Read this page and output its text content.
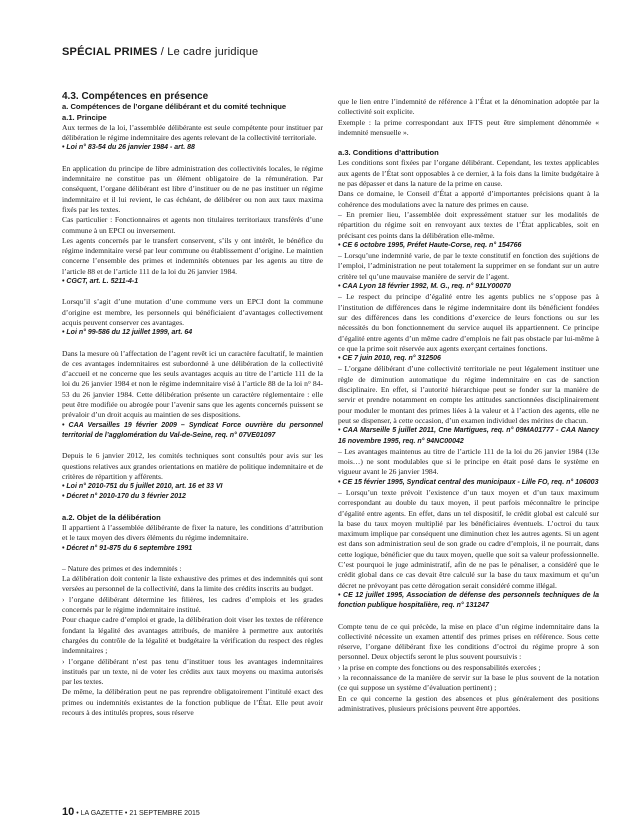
SPÉCIAL PRIMES / Le cadre juridique

4.3. Compétences en présence

a. Compétences de l’organe délibérant et du comité technique

a.1. Principe

Aux termes de la loi, l’assemblée délibérante est seule compétente pour instituer par délibération le régime indemnitaire des agents relevant de la collectivité territoriale.

• Loi n° 83-54 du 26 janvier 1984 - art. 88

En application du principe de libre administration des collectivités locales, le régime indemnitaire ne constitue pas un élément obligatoire de la rémunération. Par conséquent, l’organe délibérant est libre d’instituer ou de ne pas instituer un régime indemnitaire et il lui revient, le cas échéant, de délibérer ou non aux taux maxima fixés par les textes.

Cas particulier : Fonctionnaires et agents non titulaires territoriaux transférés d’une commune à un EPCI ou inversement.

Les agents concernés par le transfert conservent, s’ils y ont intérêt, le bénéfice du régime indemnitaire versé par leur commune ou établissement d’origine. Le maintien concerne l’ensemble des primes et indemnités obtenues par les agents au titre de l’article 88 et de l’article 111 de la loi du 26 janvier 1984.

• CGCT, art. L. 5211-4-1

Lorsqu’il s’agit d’une mutation d’une commune vers un EPCI dont la commune d’origine est membre, les personnels qui bénéficiaient d’avantages collectivement acquis peuvent conserver ces avantages.

• Loi n° 99-586 du 12 juillet 1999, art. 64

Dans la mesure où l’affectation de l’agent revêt ici un caractère facultatif, le maintien de ces avantages indemnitaires est subordonné à une délibération de la collectivité d’accueil et ne concerne que les seuls avantages acquis au titre de l’article 111 de la loi du 26 janvier 1984 et non le régime indemnitaire visé à l’article 88 de la loi n° 84-53 du 26 janvier 1984. Cette délibération présente un caractère réglementaire : elle peut être modifiée ou abrogée pour l’avenir sans que les agents concernés puissent se prévaloir d’un droit acquis au maintien de ses dispositions.

• CAA Versailles 19 février 2009 – Syndicat Force ouvrière du personnel territorial de l’agglomération du Val-de-Seine, req. n° 07VE01097

Depuis le 6 janvier 2012, les comités techniques sont consultés pour avis sur les questions relatives aux grandes orientations en matière de politique indemnitaire et de critères de répartition y afférents.

• Loi n° 2010-751 du 5 juillet 2010, art. 16 et 33 VI

• Décret n° 2010-170 du 3 février 2012

a.2. Objet de la délibération

Il appartient à l’assemblée délibérante de fixer la nature, les conditions d’attribution et le taux moyen des divers éléments du régime indemnitaire.

• Décret n° 91-875 du 6 septembre 1991

– Nature des primes et des indemnités :

La délibération doit contenir la liste exhaustive des primes et des indemnités qui sont versées au personnel de la collectivité, dans la limite des crédits inscrits au budget.

› l’organe délibérant détermine les filières, les cadres d’emplois et les grades concernés par le régime indemnitaire institué.

Pour chaque cadre d’emploi et grade, la délibération doit viser les textes de référence fondant la légalité des avantages attribués, de manière à permettre aux autorités chargées du contrôle de la légalité et budgétaire la vérification du respect des règles indemnitaires ;

› l’organe délibérant n’est pas tenu d’instituer tous les avantages indemnitaires institués par un texte, ni de voter les crédits aux taux moyens ou maxima autorisés par les textes.

De même, la délibération peut ne pas reprendre obligatoirement l’intitulé exact des primes ou indemnités existantes de la fonction publique de l’État. Elle peut avoir recours à des intitulés propres, sous réserve

que le lien entre l’indemnité de référence à l’État et la dénomination adoptée par la collectivité soit explicite.

Exemple : la prime correspondant aux IFTS peut être simplement dénommée « indemnité mensuelle ».

a.3. Conditions d’attribution

Les conditions sont fixées par l’organe délibérant. Cependant, les textes applicables aux agents de l’État sont opposables à ce dernier, à la fois dans la limite budgétaire à ne pas dépasser et dans la nature de la prime en cause.

Dans ce domaine, le Conseil d’État a apporté d’importantes précisions quant à la cohérence des modulations avec la nature des primes en cause.

– En premier lieu, l’assemblée doit expressément statuer sur les modalités de répartition du régime soit en renvoyant aux textes de l’État applicables, soit en précisant ces points dans la délibération elle-même.

• CE 6 octobre 1995, Préfet Haute-Corse, req. n° 154766

– Lorsqu’une indemnité varie, de par le texte constitutif en fonction des sujétions de l’emploi, l’administration ne peut totalement la supprimer en se fondant sur un autre critère tel qu’une mauvaise manière de servir de l’agent.

• CAA Lyon 18 février 1992, M. G., req. n° 91LY00070

– Le respect du principe d’égalité entre les agents publics ne s’oppose pas à l’institution de différences dans le régime indemnitaire dont ils bénéficient fondées sur des différences dans les conditions d’exercice de leurs fonctions ou sur les nécessités du bon fonctionnement du service auquel ils appartiennent. Ce principe d’égalité entre agents d’un même cadre d’emplois ne fait pas obstacle par lui-même à ce que la prime soit réservée aux agents exerçant certaines fonctions.

• CE 7 juin 2010, req. n° 312506

– L’organe délibérant d’une collectivité territoriale ne peut légalement instituer une règle de diminution automatique du régime indemnitaire en cas de sanction disciplinaire. En effet, si l’autorité hiérarchique peut se fonder sur la manière de servir et prendre notamment en compte les attitudes sanctionnées disciplinairement pour moduler le montant des primes liées à la valeur et à l’action des agents, elle ne peut se dispenser, à cette occasion, d’un examen individuel des mérites de chacun.

• CAA Marseille 5 juillet 2011, Cne Martigues, req. n° 09MA01777 - CAA Nancy 16 novembre 1995, req. n° 94NC00042

– Les avantages maintenus au titre de l’article 111 de la loi du 26 janvier 1984 (13e mois…) ne sont modulables que si le principe en était posé dans le système en vigueur avant le 26 janvier 1984.

• CE 15 février 1995, Syndicat central des municipaux - Lille FO, req. n° 106003

– Lorsqu’un texte prévoit l’existence d’un taux moyen et d’un taux maximum correspondant au double du taux moyen, il peut parfois méconnaître le principe d’égalité entre agents. En effet, dans un tel dispositif, le crédit global est calculé sur la base du taux moyen multiplié par les bénéficiaires éventuels. L’octroi du taux maximum implique par conséquent une diminution chez les autres agents. Si un agent est dans son administration seul de son grade ou cadre d’emplois, il ne pourrait, dans cette logique, bénéficier que du taux moyen, quelle que soit sa valeur professionnelle. C’est pourquoi le juge administratif, afin de ne pas le pénaliser, a considéré que le crédit global dans ce cas devait être calculé sur la base du taux maximum et qu’un décret ne prévoyant pas cette dérogation serait considéré comme illégal.

• CE 12 juillet 1995, Association de défense des personnels techniques de la fonction publique hospitalière, req. n° 131247

Compte tenu de ce qui précède, la mise en place d’un régime indemnitaire dans la collectivité nécessite un examen attentif des primes prises en référence. Sous cette réserve, l’organe délibérant fixe les conditions d’octroi du régime propre à son personnel. Deux objectifs seront le plus souvent poursuivis :

› la prise en compte des fonctions ou des responsabilités exercées ;

› la reconnaissance de la manière de servir sur la base le plus souvent de la notation (ce qui suppose un système d’évaluation pertinent) ;

En ce qui concerne la gestion des absences et plus généralement des positions administratives, plusieurs précisions peuvent être apportées.

10 • LA GAZETTE • 21 SEPTEMBRE 2015
